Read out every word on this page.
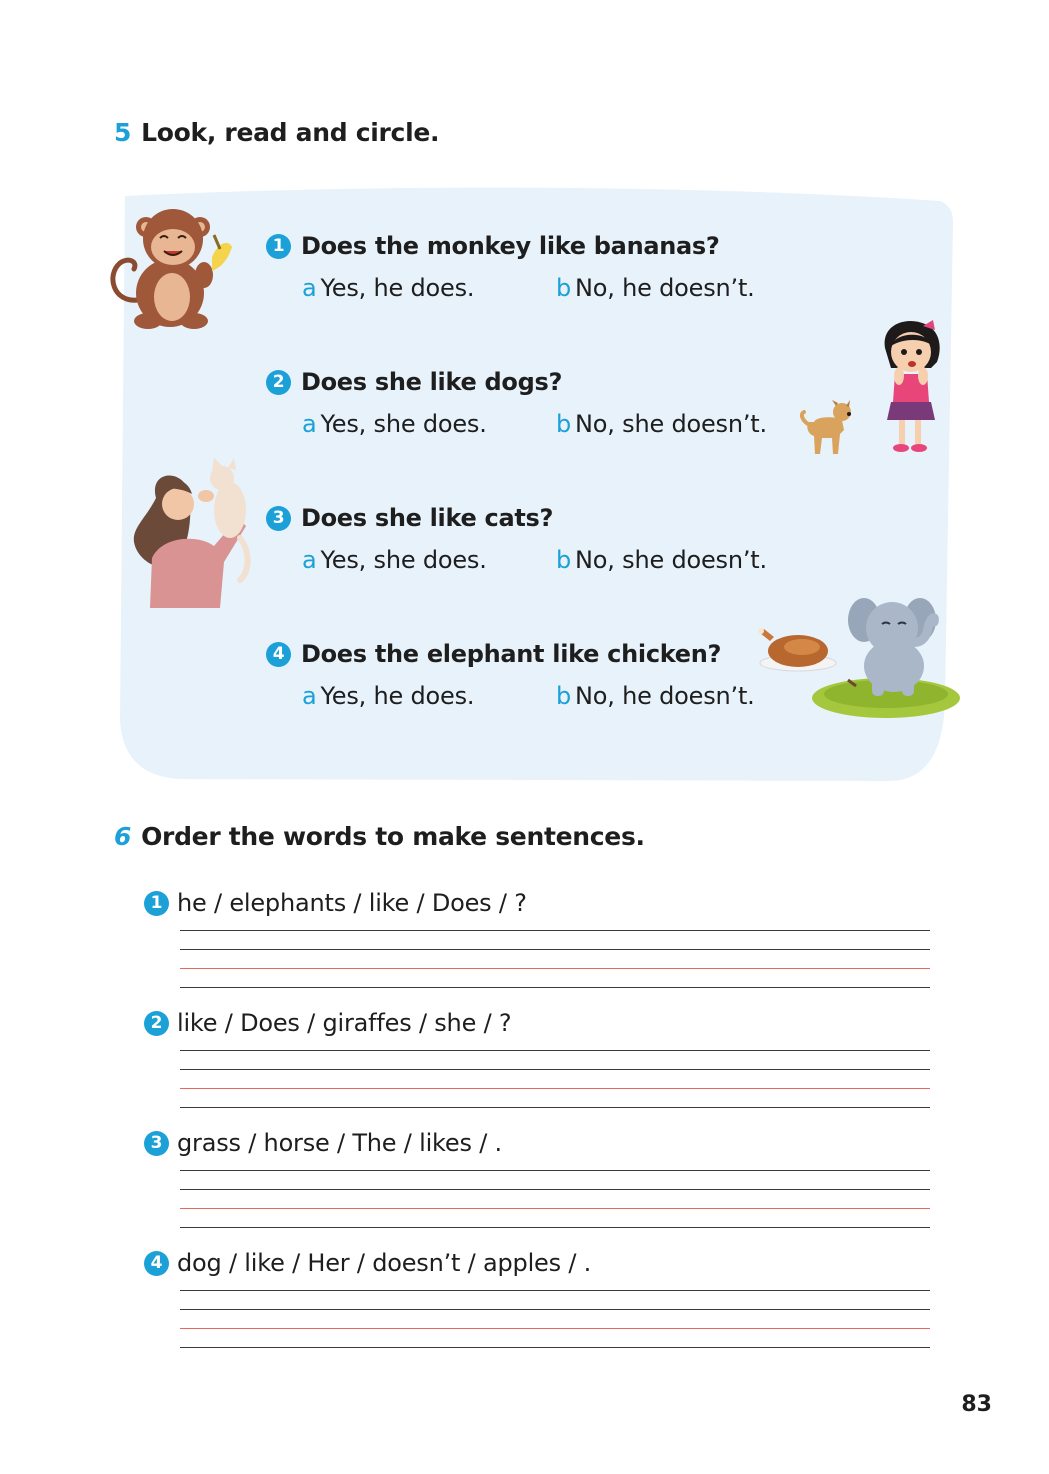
5 Look, read and circle.
1 Does the monkey like bananas?
a Yes, he does.	b No, he doesn’t.
2 Does she like dogs?
a Yes, she does.	b No, she doesn’t.
3 Does she like cats?
a Yes, she does.	b No, she doesn’t.
4 Does the elephant like chicken?
a Yes, he does.	b No, he doesn’t.
6 Order the words to make sentences.
1 he / elephants / like / Does / ?
2 like / Does / giraffes / she / ?
3 grass / horse / The / likes / .
4 dog / like / Her / doesn’t / apples / .
83
